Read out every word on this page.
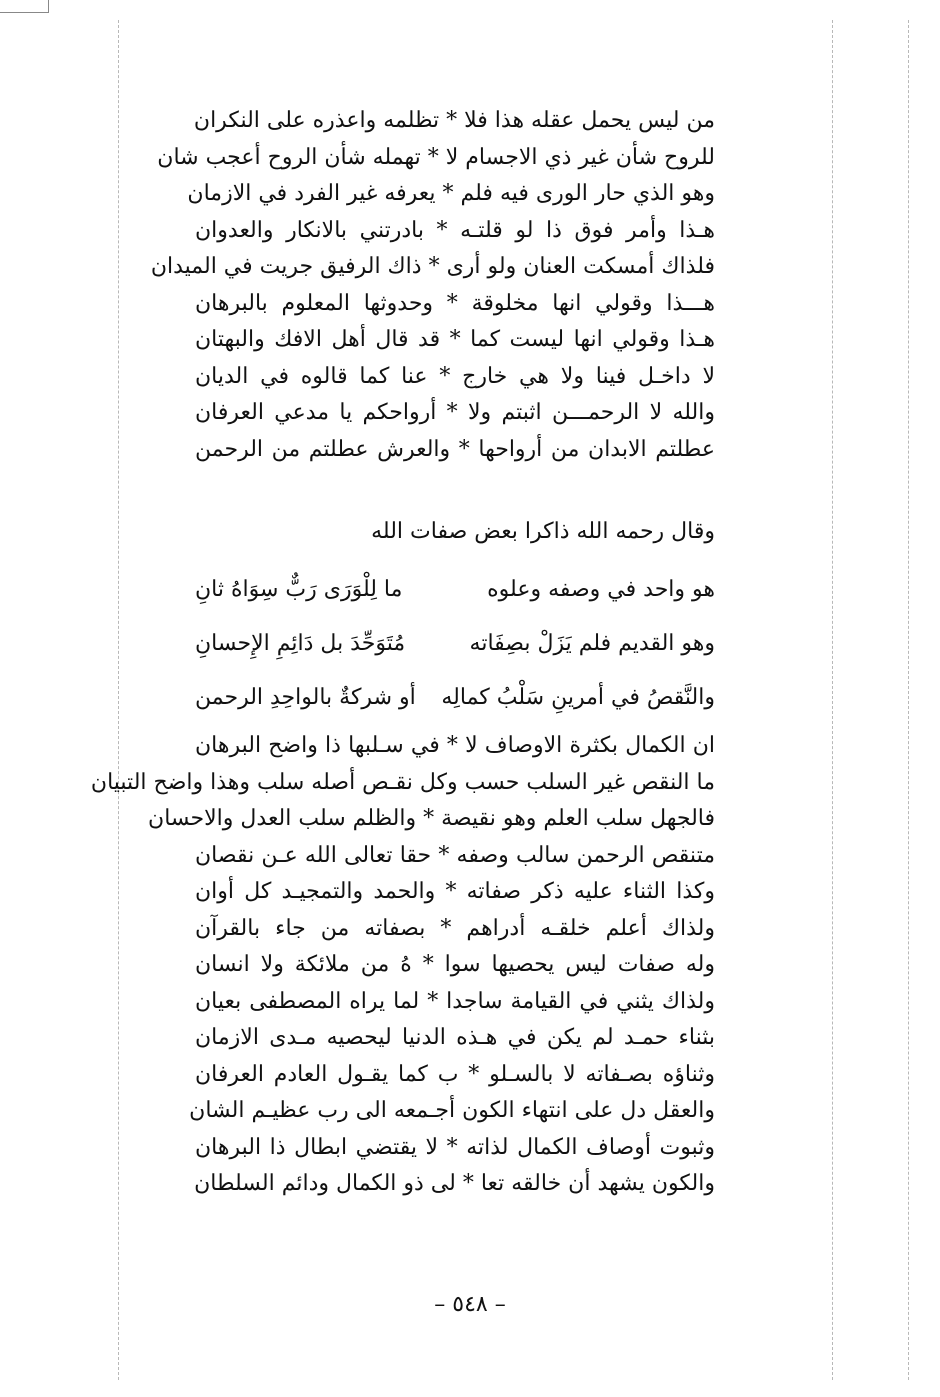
من ليس يحمل عقله هذا فلا * تظلمه واعذره على النكران
للروح شأن غير ذي الاجسام لا * تهمله شأن الروح أعجب شان
وهو الذي حار الورى فيه فلم * يعرفه غير الفرد في الازمان
هـذا وأمر فوق ذا لو قلتـه * بادرتني بالانكار والعدوان
فلذاك أمسكت العنان ولو أرى * ذاك الرفيق جريت في الميدان
هـــذا وقولي انها مخلوقة * وحدوثها المعلوم بالبرهان
هـذا وقولي انها ليست كما * قد قال أهل الافك والبهتان
لا داخـل فينا ولا هي خارج * عنا كما قالوه في الديان
والله لا الرحمـــن اثبتم ولا * أرواحكم يا مدعي العرفان
عطلتم الابدان من أرواحها * والعرش عطلتم من الرحمن
وقال رحمه الله ذاكرا بعض صفات الله
هو واحد في وصفه وعلوه
ما لِلْوَرَى رَبٌّ سِوَاهُ ثانِ
وهو القديم فلم يَزَلْ بصِفَاته
مُتَوَحِّدَ بل دَائِمِ الإِحسانِ
والنَّقصُ في أمرينِ سَلْبُ كمالِه
أو شركةٌ بالواحِدِ الرحمن
ان الكمال بكثرة الاوصاف لا * في سـلبها ذا واضح البرهان
ما النقص غير السلب حسب وكل نقـص أصله سلب وهذا واضح التبيان
فالجهل سلب العلم وهو نقيصة * والظلم سلب العدل والاحسان
متنقص الرحمن سالب وصفه * حقا تعالى الله عـن نقصان
وكذا الثناء عليه ذكر صفاته * والحمد والتمجيـد كل أوان
ولذاك أعلم خلقـه أدراهم * بصفاته من جاء بالقرآن
وله صفات ليس يحصيها سوا * هُ من ملائكة ولا انسان
ولذاك يثني في القيامة ساجدا * لما يراه المصطفى بعيان
بثناء حمـد لم يكن في هـذه الدنيا ليحصيه مـدى الازمان
وثناؤه بصـفاته لا بالسـلو * ب كما يقـول العادم العرفان
والعقل دل على انتهاء الكون أجـمعه الى رب عظيـم الشان
وثبوت أوصاف الكمال لذاته * لا يقتضي ابطال ذا البرهان
والكون يشهد أن خالقه تعا * لى ذو الكمال ودائم السلطان
– ٥٤٨ –
